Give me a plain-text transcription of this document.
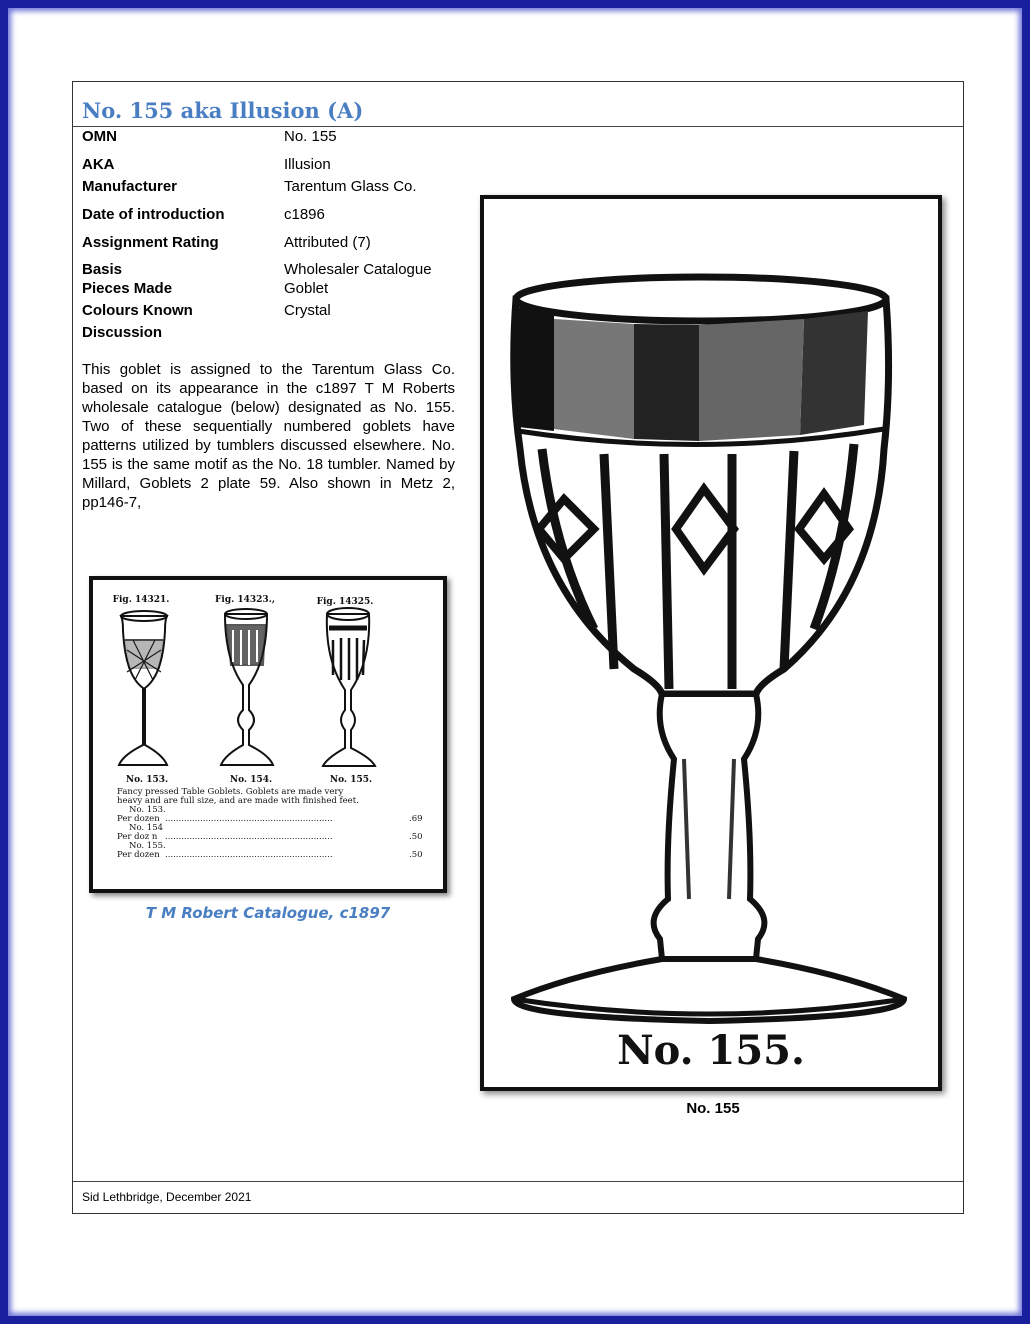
No. 155 aka Illusion (A)
OMN	No. 155
AKA	Illusion
Manufacturer	Tarentum Glass Co.
Date of introduction	c1896
Assignment Rating	Attributed (7)
Basis	Wholesaler Catalogue
Pieces Made	Goblet
Colours Known	Crystal
Discussion

This goblet is assigned to the Tarentum Glass Co. based on its appearance in the c1897 T M Roberts wholesale catalogue (below) designated as No. 155. Two of these sequentially numbered goblets have patterns utilized by tumblers discussed elsewhere. No. 155 is the same motif as the No. 18 tumbler. Named by Millard, Goblets 2 plate 59. Also shown in Metz 2, pp146-7,

Fig. 14321.	Fig. 14323.,	Fig. 14325.
No. 153.	No. 154.	No. 155.
Fancy pressed Table Goblets. Goblets are made very
heavy and are full size, and are made with finished feet.
No. 153.
Per dozen ..............................................................	.69
No. 154
Per doz n ..............................................................	.50
No. 155.
Per dozen ..............................................................	.50
T M Robert Catalogue, c1897
No. 155.
No. 155
Sid Lethbridge, December 2021
